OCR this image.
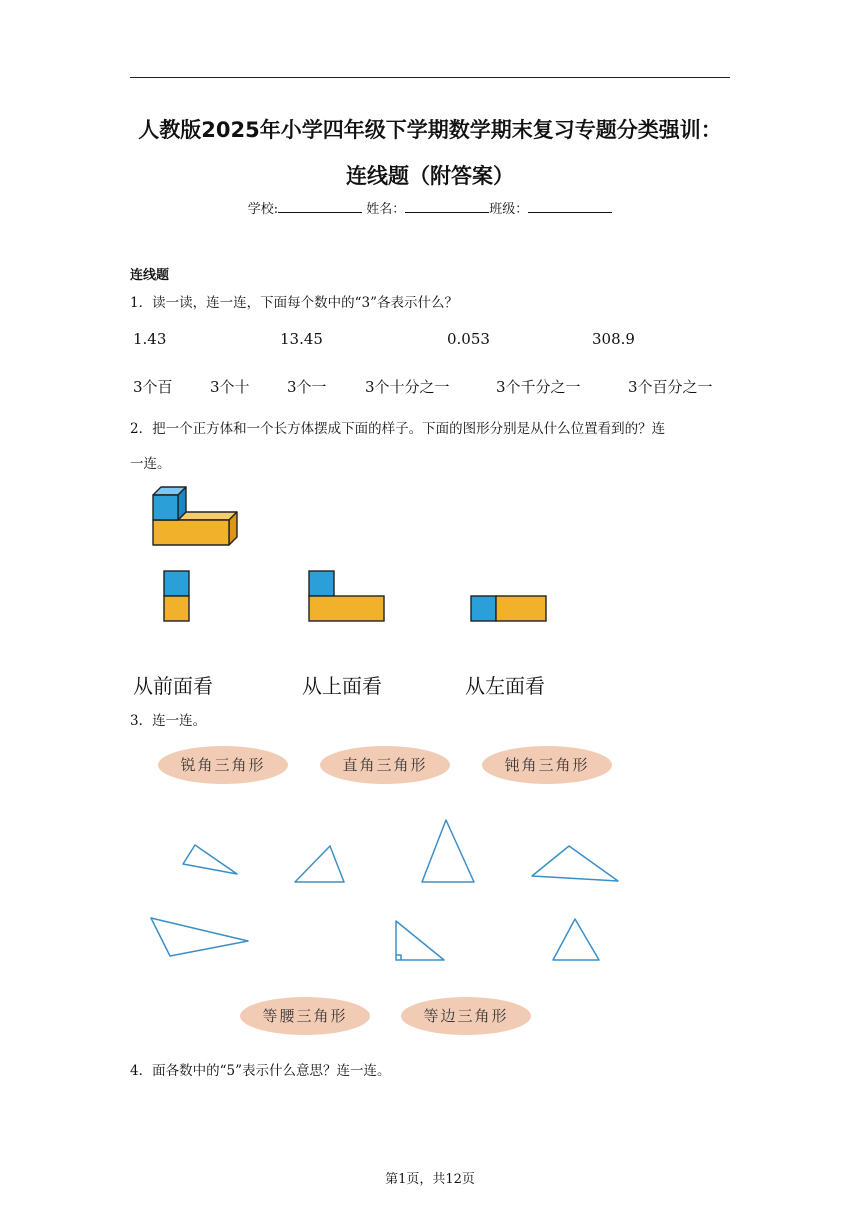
人教版2025年小学四年级下学期数学期末复习专题分类强训：
连线题（附答案）
学校:	姓名：	班级：
连线题
1．读一读，连一连，下面每个数中的“3”各表示什么？
1.43	13.45	0.053	308.9
3个百 3个十 3个一	3个十分之一	3个千分之一	3个百分之一
2．把一个正方体和一个长方体摆成下面的样子。下面的图形分别是从什么位置看到的？连
一连。
从前面看	从上面看	从左面看
3．连一连。
锐角三角形	直角三角形	钝角三角形
等腰三角形	等边三角形
4．面各数中的“5”表示什么意思？连一连。
第1页，共12页
